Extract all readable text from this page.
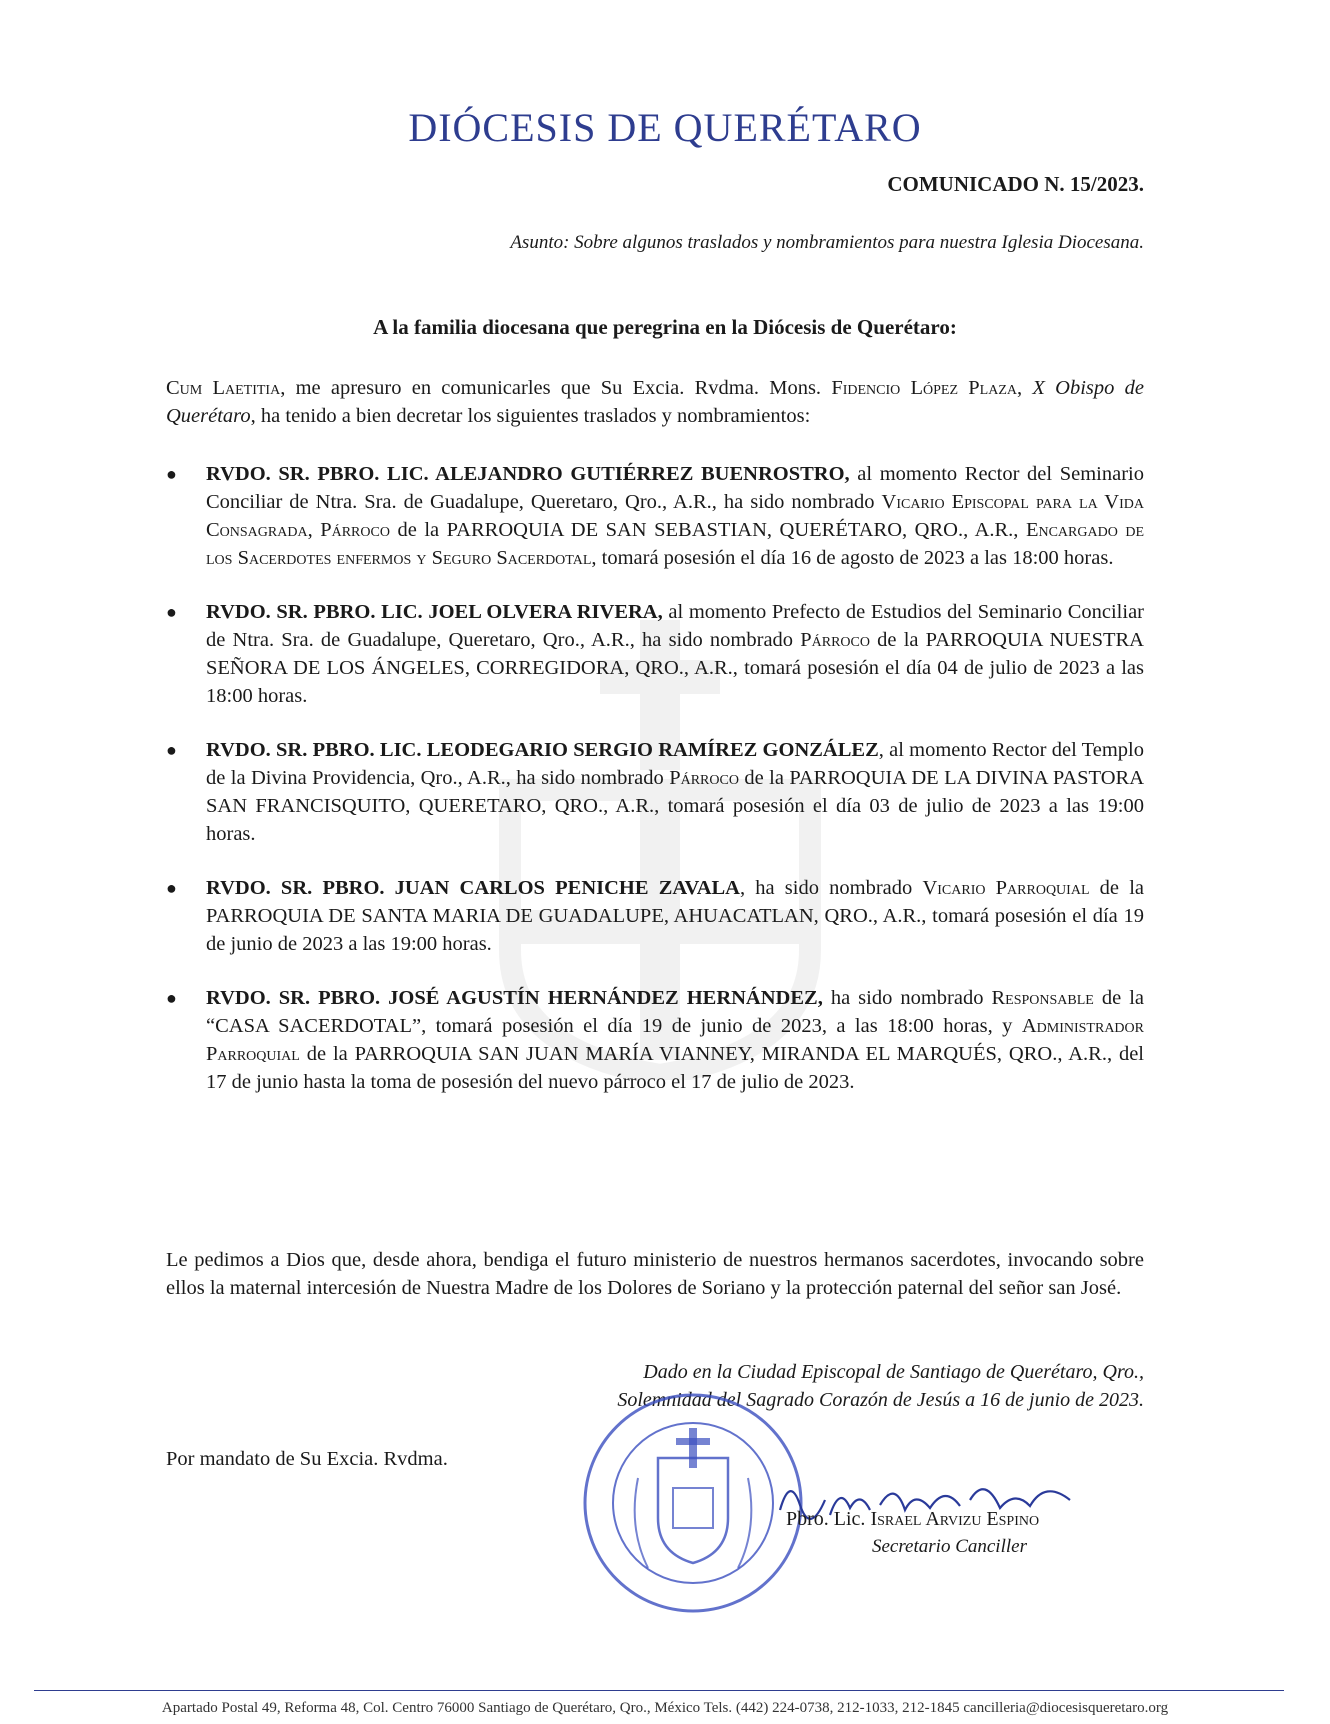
DIÓCESIS DE QUERÉTARO
COMUNICADO N. 15/2023.
Asunto: Sobre algunos traslados y nombramientos para nuestra Iglesia Diocesana.
A la familia diocesana que peregrina en la Diócesis de Querétaro:
Cum Laetitia, me apresuro en comunicarles que Su Excia. Rvdma. Mons. Fidencio López Plaza, X Obispo de Querétaro, ha tenido a bien decretar los siguientes traslados y nombramientos:
● RVDO. SR. PBRO. LIC. ALEJANDRO GUTIÉRREZ BUENROSTRO, al momento Rector del Seminario Conciliar de Ntra. Sra. de Guadalupe, Queretaro, Qro., A.R., ha sido nombrado Vicario Episcopal para la Vida Consagrada, Párroco de la PARROQUIA DE SAN SEBASTIAN, QUERÉTARO, QRO., A.R., Encargado de los Sacerdotes enfermos y Seguro Sacerdotal, tomará posesión el día 16 de agosto de 2023 a las 18:00 horas.
● RVDO. SR. PBRO. LIC. JOEL OLVERA RIVERA, al momento Prefecto de Estudios del Seminario Conciliar de Ntra. Sra. de Guadalupe, Queretaro, Qro., A.R., ha sido nombrado Párroco de la PARROQUIA NUESTRA SEÑORA DE LOS ÁNGELES, CORREGIDORA, QRO., A.R., tomará posesión el día 04 de julio de 2023 a las 18:00 horas.
● RVDO. SR. PBRO. LIC. LEODEGARIO SERGIO RAMÍREZ GONZÁLEZ, al momento Rector del Templo de la Divina Providencia, Qro., A.R., ha sido nombrado Párroco de la PARROQUIA DE LA DIVINA PASTORA SAN FRANCISQUITO, QUERETARO, QRO., A.R., tomará posesión el día 03 de julio de 2023 a las 19:00 horas.
● RVDO. SR. PBRO. JUAN CARLOS PENICHE ZAVALA, ha sido nombrado Vicario Parroquial de la PARROQUIA DE SANTA MARIA DE GUADALUPE, AHUACATLAN, QRO., A.R., tomará posesión el día 19 de junio de 2023 a las 19:00 horas.
● RVDO. SR. PBRO. JOSÉ AGUSTÍN HERNÁNDEZ HERNÁNDEZ, ha sido nombrado Responsable de la “CASA SACERDOTAL”, tomará posesión el día 19 de junio de 2023, a las 18:00 horas, y Administrador Parroquial de la PARROQUIA SAN JUAN MARÍA VIANNEY, MIRANDA EL MARQUÉS, QRO., A.R., del 17 de junio hasta la toma de posesión del nuevo párroco el 17 de julio de 2023.
Le pedimos a Dios que, desde ahora, bendiga el futuro ministerio de nuestros hermanos sacerdotes, invocando sobre ellos la maternal intercesión de Nuestra Madre de los Dolores de Soriano y la protección paternal del señor san José.
Dado en la Ciudad Episcopal de Santiago de Querétaro, Qro.,
Solemnidad del Sagrado Corazón de Jesús a 16 de junio de 2023.
Por mandato de Su Excia. Rvdma.
Pbro. Lic. Israel Arvizu Espino
Secretario Canciller
Apartado Postal 49, Reforma 48, Col. Centro 76000 Santiago de Querétaro, Qro., México Tels. (442) 224-0738, 212-1033, 212-1845 cancilleria@diocesisqueretaro.org
